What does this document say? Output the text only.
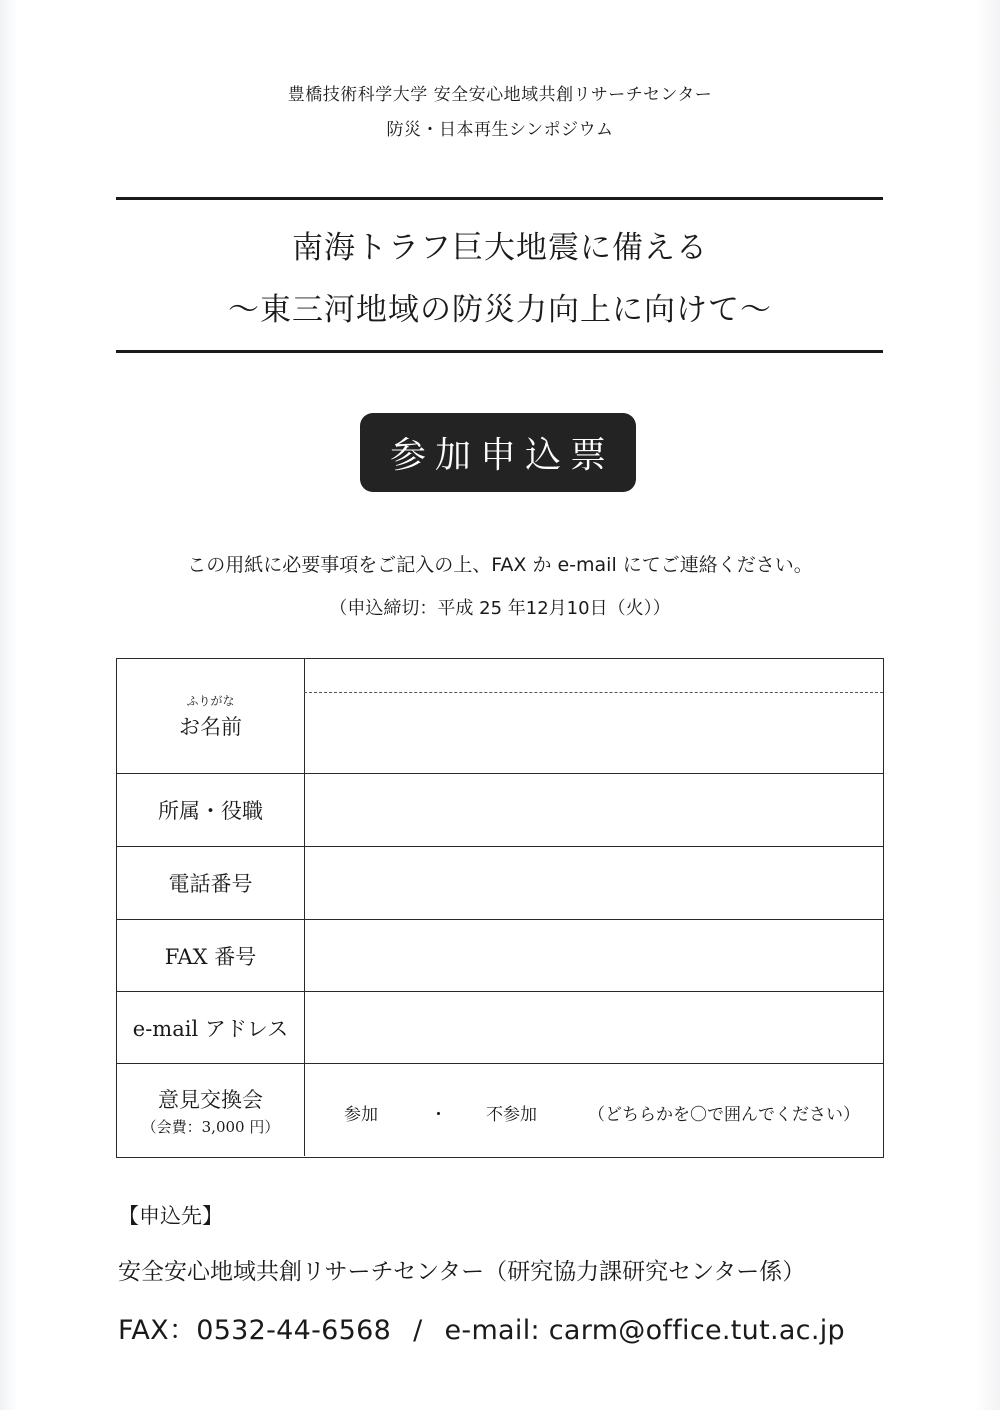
豊橋技術科学大学 安全安心地域共創リサーチセンター
防災・日本再生シンポジウム
南海トラフ巨大地震に備える
～東三河地域の防災力向上に向けて～
参加申込票
この用紙に必要事項をご記入の上、FAX か e-mail にてご連絡ください。
（申込締切：平成 25 年12月10日（火））
ふりがな
お名前
所属・役職
電話番号
FAX 番号
e-mail アドレス
意見交換会
（会費：3,000 円）
参加	・ 不参加	（どちらかを〇で囲んでください）
【申込先】
安全安心地域共創リサーチセンター（研究協力課研究センター係）
FAX：0532-44-6568 / e-mail: carm@office.tut.ac.jp
